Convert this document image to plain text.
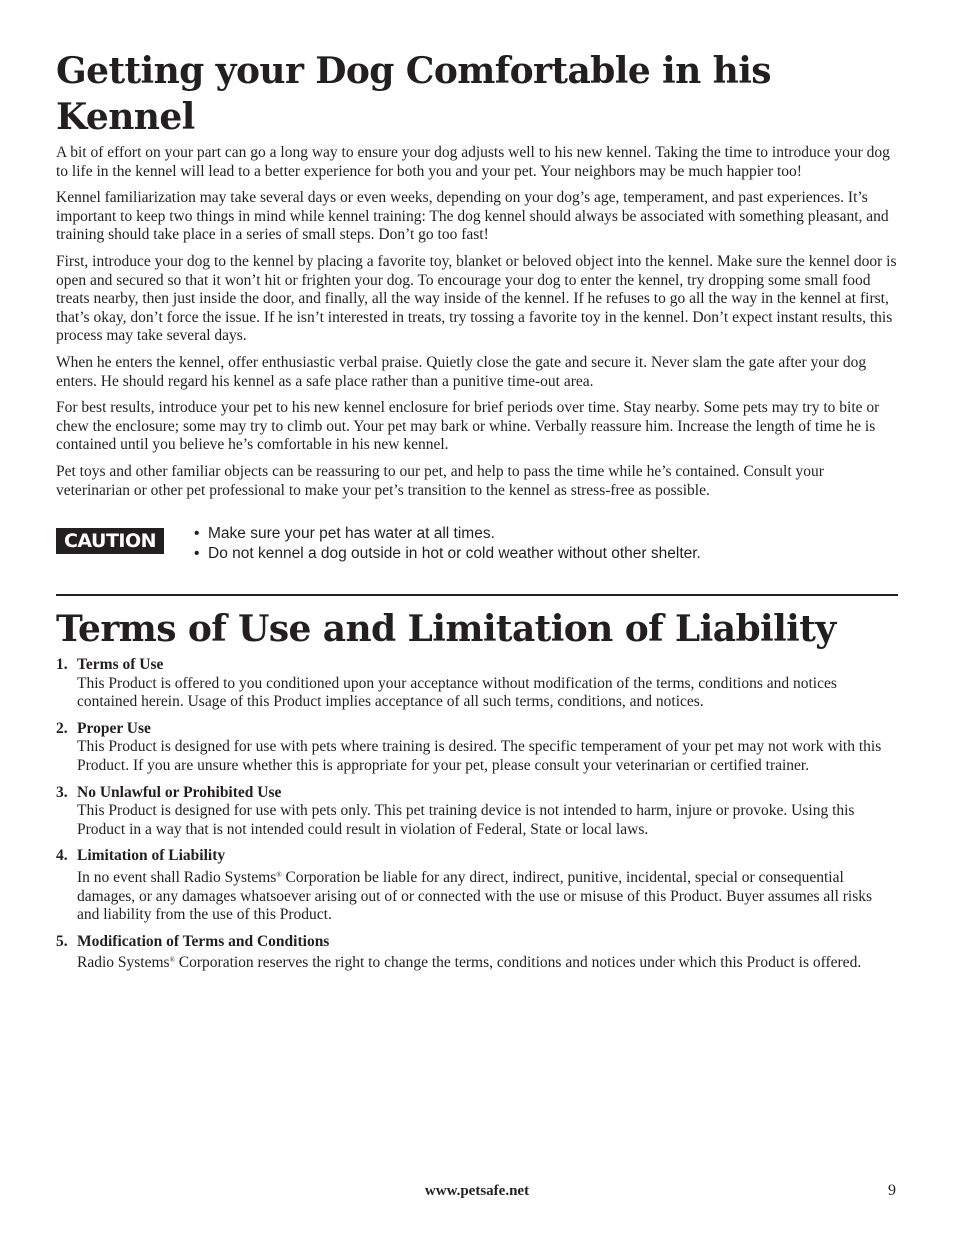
Getting your Dog Comfortable in his Kennel

A bit of effort on your part can go a long way to ensure your dog adjusts well to his new kennel. Taking the time to introduce your dog to life in the kennel will lead to a better experience for both you and your pet. Your neighbors may be much happier too!

Kennel familiarization may take several days or even weeks, depending on your dog’s age, temperament, and past experiences. It’s important to keep two things in mind while kennel training: The dog kennel should always be associated with something pleasant, and training should take place in a series of small steps. Don’t go too fast!

First, introduce your dog to the kennel by placing a favorite toy, blanket or beloved object into the kennel. Make sure the kennel door is open and secured so that it won’t hit or frighten your dog. To encourage your dog to enter the kennel, try dropping some small food treats nearby, then just inside the door, and finally, all the way inside of the kennel. If he refuses to go all the way in the kennel at first, that’s okay, don’t force the issue. If he isn’t interested in treats, try tossing a favorite toy in the kennel. Don’t expect instant results, this process may take several days.

When he enters the kennel, offer enthusiastic verbal praise. Quietly close the gate and secure it. Never slam the gate after your dog enters. He should regard his kennel as a safe place rather than a punitive time-out area.

For best results, introduce your pet to his new kennel enclosure for brief periods over time. Stay nearby. Some pets may try to bite or chew the enclosure; some may try to climb out. Your pet may bark or whine. Verbally reassure him. Increase the length of time he is contained until you believe he’s comfortable in his new kennel.

Pet toys and other familiar objects can be reassuring to our pet, and help to pass the time while he’s contained. Consult your veterinarian or other pet professional to make your pet’s transition to the kennel as stress-free as possible.

CAUTION	• Make sure your pet has water at all times.
• Do not kennel a dog outside in hot or cold weather without other shelter.
Terms of Use and Limitation of Liability
1. Terms of Use
This Product is offered to you conditioned upon your acceptance without modification of the terms, conditions and notices contained herein. Usage of this Product implies acceptance of all such terms, conditions, and notices.
2. Proper Use
This Product is designed for use with pets where training is desired. The specific temperament of your pet may not work with this Product. If you are unsure whether this is appropriate for your pet, please consult your veterinarian or certified trainer.
3. No Unlawful or Prohibited Use
This Product is designed for use with pets only. This pet training device is not intended to harm, injure or provoke. Using this Product in a way that is not intended could result in violation of Federal, State or local laws.
4. Limitation of Liability
In no event shall Radio Systems® Corporation be liable for any direct, indirect, punitive, incidental, special or consequential damages, or any damages whatsoever arising out of or connected with the use or misuse of this Product. Buyer assumes all risks and liability from the use of this Product.
5. Modification of Terms and Conditions
Radio Systems® Corporation reserves the right to change the terms, conditions and notices under which this Product is offered.
www.petsafe.net	9
